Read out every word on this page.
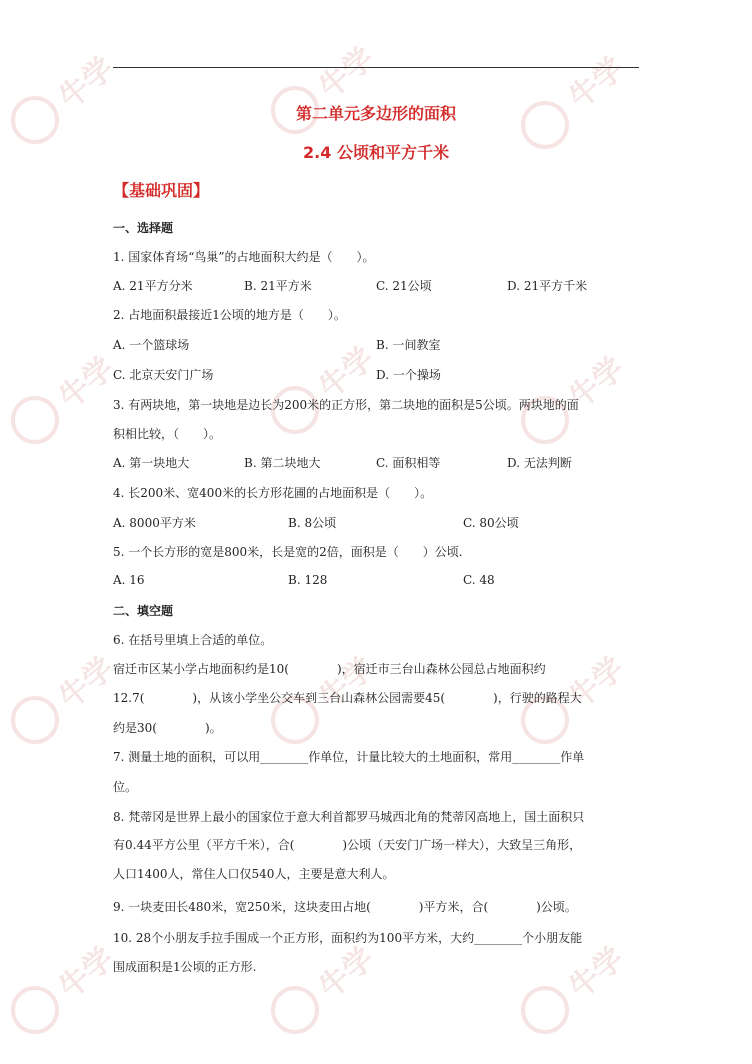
牛学	牛学	牛学
牛学	牛学	牛学
牛学	牛学	牛学
牛学	牛学	牛学
第二单元多边形的面积
2.4 公顷和平方千米
【基础巩固】
一、选择题
1. 国家体育场“鸟巢”的占地面积大约是（　　）。
A. 21平方分米	B. 21平方米	C. 21公顷	D. 21平方千米
2. 占地面积最接近1公顷的地方是（　　）。
A. 一个篮球场	B. 一间教室
C. 北京天安门广场	D. 一个操场
3. 有两块地，第一块地是边长为200米的正方形，第二块地的面积是5公顷。两块地的面
积相比较，（　　）。
A. 第一块地大	B. 第二块地大	C. 面积相等	D. 无法判断
4. 长200米、宽400米的长方形花圃的占地面积是（　　）。
A. 8000平方米	B. 8公顷	C. 80公顷
5. 一个长方形的宽是800米，长是宽的2倍，面积是（　　）公顷.
A. 16	B. 128	C. 48
二、填空题
6. 在括号里填上合适的单位。
宿迁市区某小学占地面积约是10(　　　　)，宿迁市三台山森林公园总占地面积约
12.7(　　　　)，从该小学坐公交车到三台山森林公园需要45(　　　　)，行驶的路程大
约是30(　　　　)。
7. 测量土地的面积，可以用________作单位，计量比较大的土地面积，常用________作单
位。
8. 梵蒂冈是世界上最小的国家位于意大利首都罗马城西北角的梵蒂冈高地上，国土面积只
有0.44平方公里（平方千米），合(　　　　)公顷（天安门广场一样大），大致呈三角形，
人口1400人，常住人口仅540人，主要是意大利人。
9. 一块麦田长480米，宽250米，这块麦田占地(　　　　)平方米，合(　　　　)公顷。
10. 28个小朋友手拉手围成一个正方形，面积约为100平方米，大约________个小朋友能
围成面积是1公顷的正方形.
